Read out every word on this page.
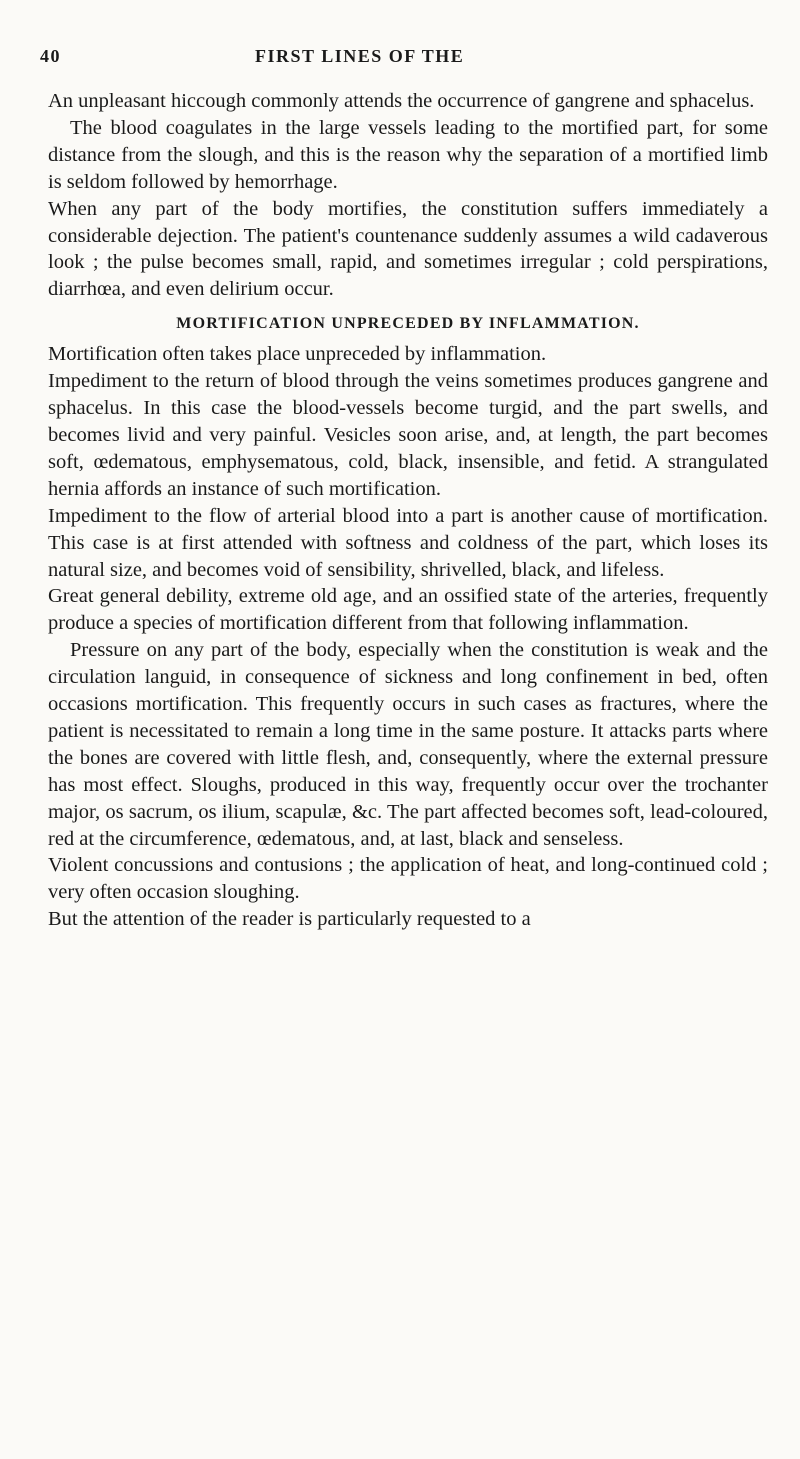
40	FIRST LINES OF THE

An unpleasant hiccough commonly attends the occurrence of gangrene and sphacelus.

The blood coagulates in the large vessels leading to the mortified part, for some distance from the slough, and this is the reason why the separation of a mortified limb is seldom followed by hemorrhage.

When any part of the body mortifies, the constitution suffers immediately a considerable dejection. The patient's countenance suddenly assumes a wild cadaverous look ; the pulse becomes small, rapid, and sometimes irregular ; cold perspirations, diarrhœa, and even delirium occur.

MORTIFICATION UNPRECEDED BY INFLAMMATION.

Mortification often takes place unpreceded by inflammation.

Impediment to the return of blood through the veins sometimes produces gangrene and sphacelus. In this case the blood-vessels become turgid, and the part swells, and becomes livid and very painful. Vesicles soon arise, and, at length, the part becomes soft, œdematous, emphysematous, cold, black, insensible, and fetid. A strangulated hernia affords an instance of such mortification.

Impediment to the flow of arterial blood into a part is another cause of mortification. This case is at first attended with softness and coldness of the part, which loses its natural size, and becomes void of sensibility, shrivelled, black, and lifeless.

Great general debility, extreme old age, and an ossified state of the arteries, frequently produce a species of mortification different from that following inflammation.

Pressure on any part of the body, especially when the constitution is weak and the circulation languid, in consequence of sickness and long confinement in bed, often occasions mortification. This frequently occurs in such cases as fractures, where the patient is necessitated to remain a long time in the same posture. It attacks parts where the bones are covered with little flesh, and, consequently, where the external pressure has most effect. Sloughs, produced in this way, frequently occur over the trochanter major, os sacrum, os ilium, scapulæ, &c. The part affected becomes soft, lead-coloured, red at the circumference, œdematous, and, at last, black and senseless.

Violent concussions and contusions ; the application of heat, and long-continued cold ; very often occasion sloughing.

But the attention of the reader is particularly requested to a
